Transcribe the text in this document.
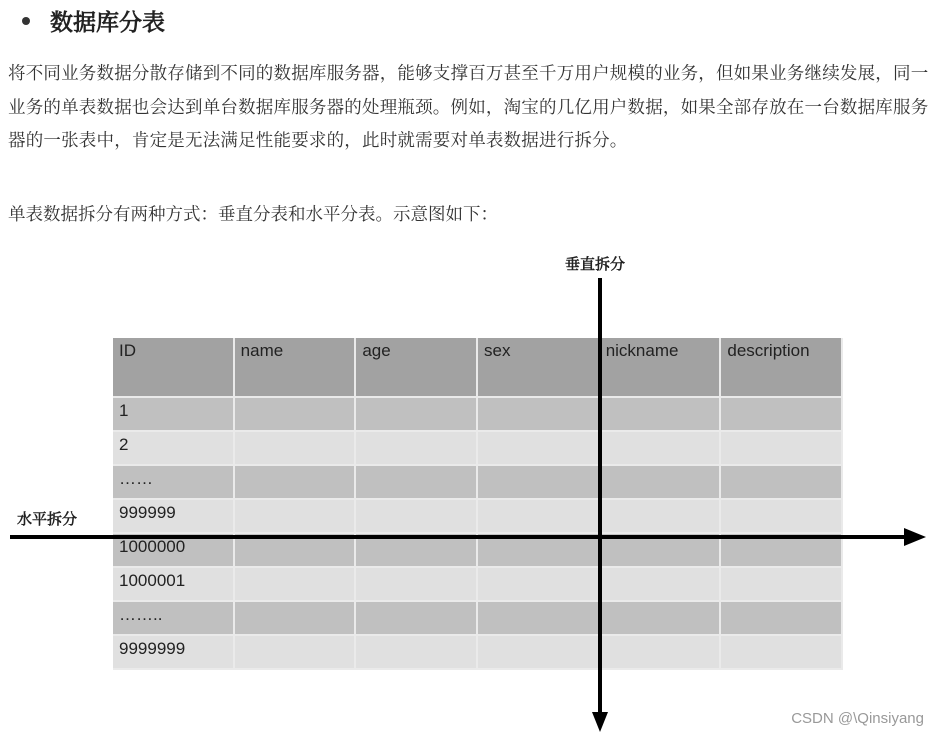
数据库分表
将不同业务数据分散存储到不同的数据库服务器，能够支撑百万甚至千万用户规模的业务，但如果业务继续发展，同一业务的单表数据也会达到单台数据库服务器的处理瓶颈。例如，淘宝的几亿用户数据，如果全部存放在一台数据库服务器的一张表中，肯定是无法满足性能要求的，此时就需要对单表数据进行拆分。
单表数据拆分有两种方式：垂直分表和水平分表。示意图如下：
ID	name	age	sex	nickname	description
1
2
……
999999
1000000
1000001
……..
9999999
垂直拆分
水平拆分
CSDN @\Qinsiyang
